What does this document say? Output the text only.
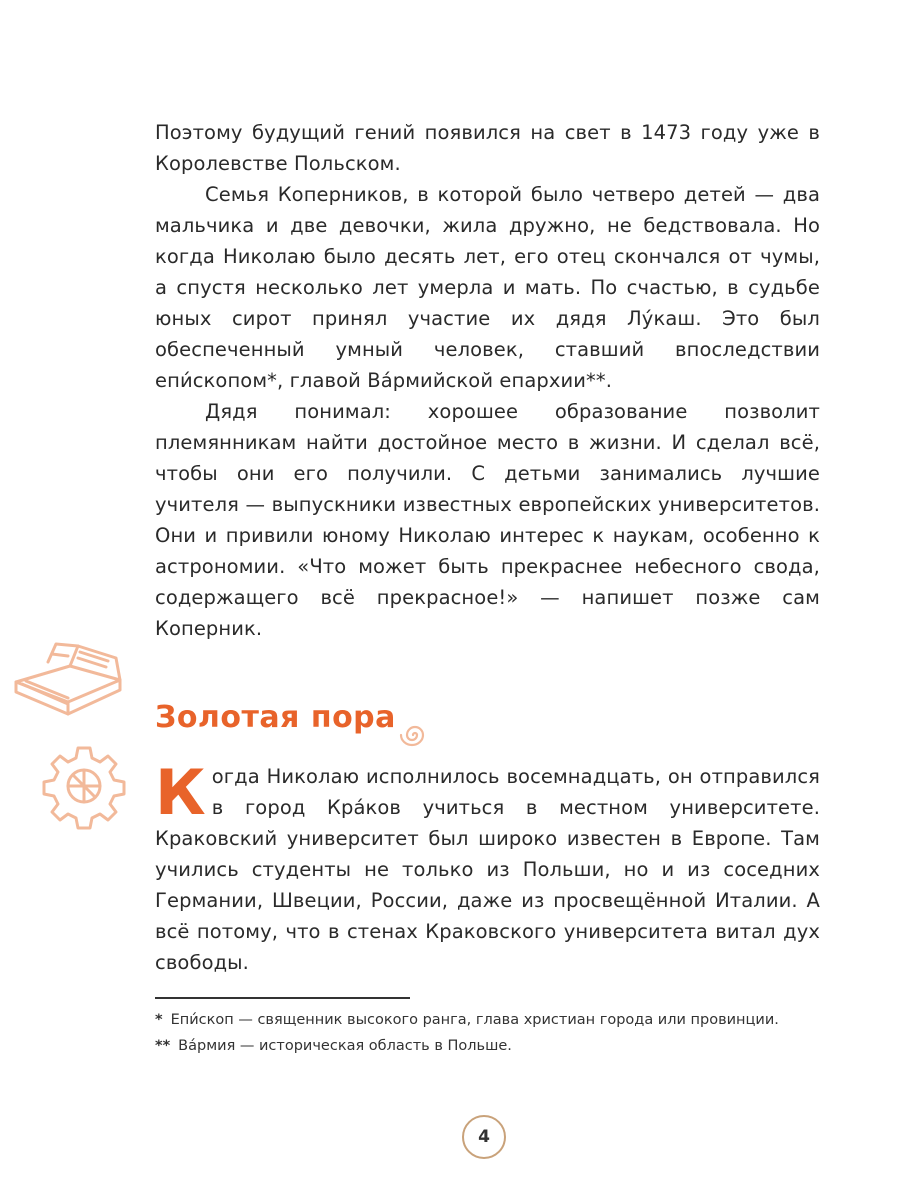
Поэтому будущий гений появился на свет в 1473 году уже в Королевстве Польском.

Семья Коперников, в которой было четверо детей — два мальчика и две девочки, жила дружно, не бедствовала. Но когда Николаю было десять лет, его отец скончался от чумы, а спустя несколько лет умерла и мать. По счастью, в судьбе юных сирот принял участие их дядя Лу́каш. Это был обеспеченный умный человек, ставший впоследствии епи́скопом*, главой Ва́рмийской епархии**.

Дядя понимал: хорошее образование позволит племянникам найти достойное место в жизни. И сделал всё, чтобы они его получили. С детьми занимались лучшие учителя — выпускники известных европейских университетов. Они и привили юному Николаю интерес к наукам, особенно к астрономии. «Что может быть прекраснее небесного свода, содержащего всё прекрасное!» — напишет позже сам Коперник.

Золотая пора
К огда Николаю исполнилось восемнадцать, он отправился в город Кра́ков учиться в местном университете. Краковский университет был широко известен в Европе. Там учились студенты не только из Польши, но и из соседних Германии, Швеции, России, даже из просвещённой Италии. А всё потому, что в стенах Краковского университета витал дух свободы.

* Епи́скоп — священник высокого ранга, глава христиан города или провинции.

** Ва́рмия — историческая область в Польше.

4
